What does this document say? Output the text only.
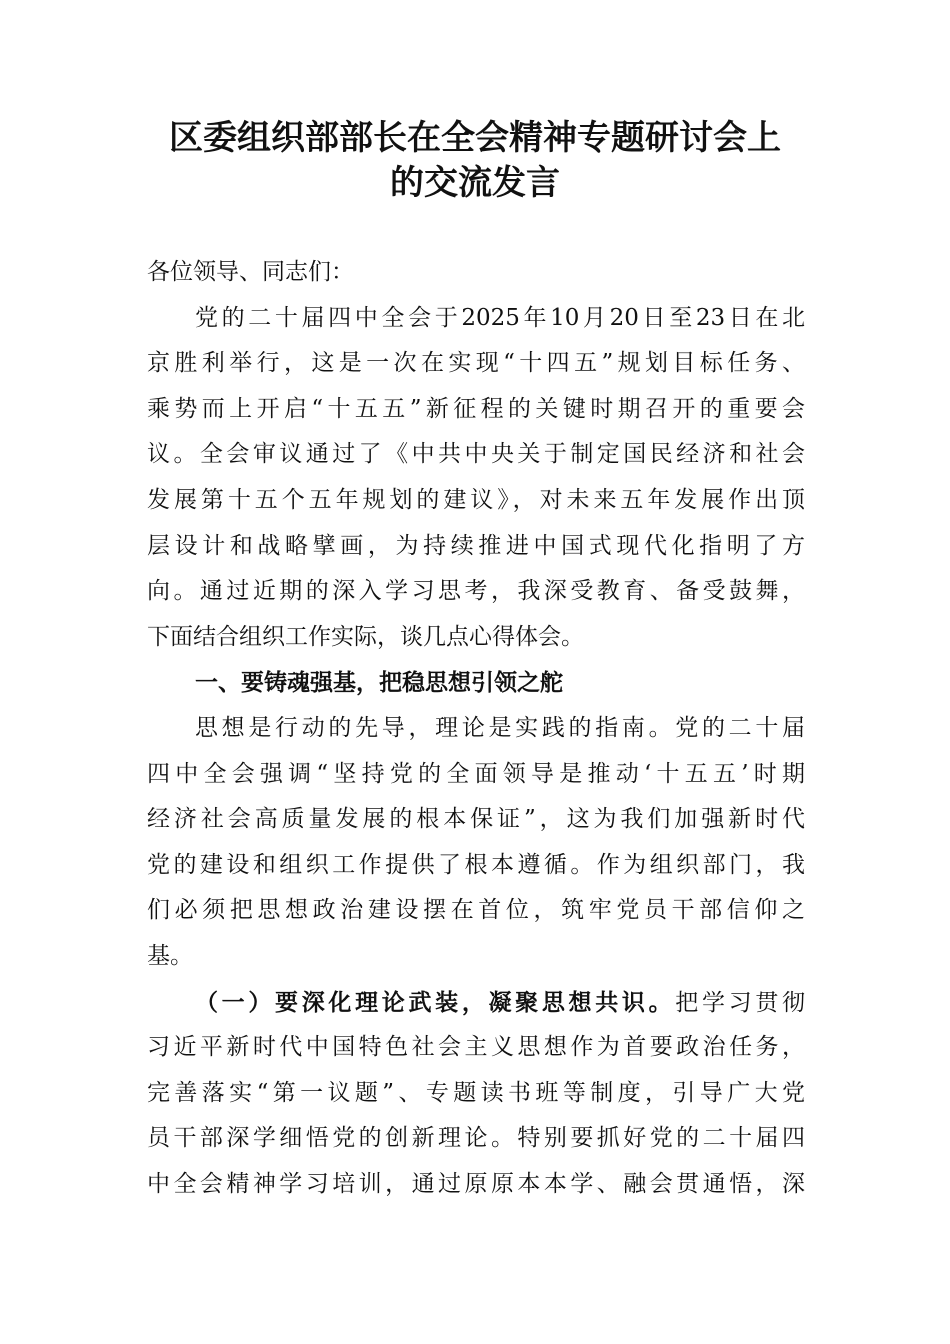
区委组织部部长在全会精神专题研讨会上
的交流发言
各位领导、同志们：
党的二十届四中全会于2025年10月20日至23日在北
京胜利举行，这是一次在实现“十四五”规划目标任务、
乘势而上开启“十五五”新征程的关键时期召开的重要会
议。全会审议通过了《中共中央关于制定国民经济和社会
发展第十五个五年规划的建议》，对未来五年发展作出顶
层设计和战略擘画，为持续推进中国式现代化指明了方
向。通过近期的深入学习思考，我深受教育、备受鼓舞，
下面结合组织工作实际，谈几点心得体会。
一、要铸魂强基，把稳思想引领之舵
思想是行动的先导，理论是实践的指南。党的二十届
四中全会强调“坚持党的全面领导是推动‘十五五’时期
经济社会高质量发展的根本保证”，这为我们加强新时代
党的建设和组织工作提供了根本遵循。作为组织部门，我
们必须把思想政治建设摆在首位，筑牢党员干部信仰之
基。
（一）要深化理论武装，凝聚思想共识。把学习贯彻
习近平新时代中国特色社会主义思想作为首要政治任务，
完善落实“第一议题”、专题读书班等制度，引导广大党
员干部深学细悟党的创新理论。特别要抓好党的二十届四
中全会精神学习培训，通过原原本本学、融会贯通悟，深
